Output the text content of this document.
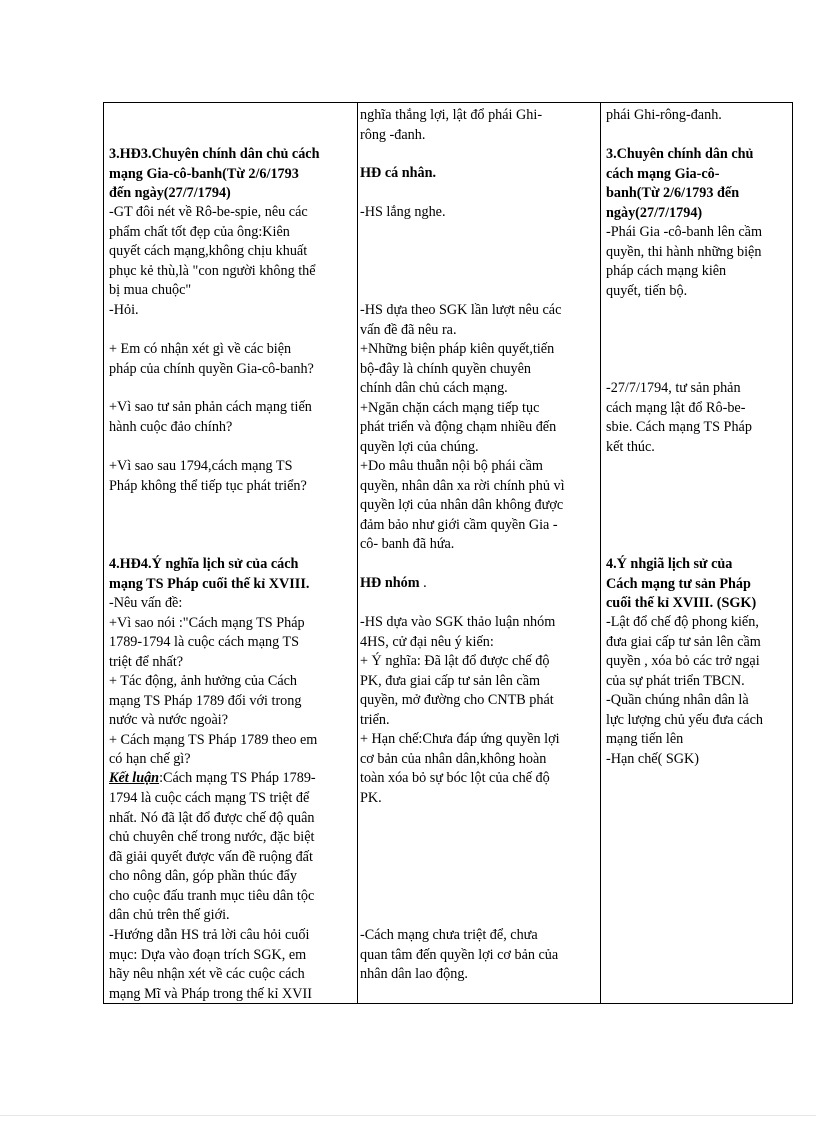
3.HĐ3.Chuyên chính dân chủ cách
mạng Gia-cô-banh(Từ 2/6/1793
đến ngày(27/7/1794)
-GT đôi nét về Rô-be-spie, nêu các
phẩm chất tốt đẹp của ông:Kiên
quyết cách mạng,không chịu khuất
phục kẻ thù,là "con người không thể
bị mua chuộc"
+ Em có nhận xét gì về các biện
pháp của chính quyền Gia-cô-banh?
+Vì sao tư sản phản cách mạng tiến
hành cuộc đảo chính?
+Vì sao sau 1794,cách mạng TS
Pháp không thể tiếp tục phát triển?
4.HĐ4.Ý nghĩa lịch sử của cách
mạng TS Pháp cuối thế kỉ XVIII.
-Nêu vấn đề:
+Vì sao nói :"Cách mạng TS Pháp
1789-1794 là cuộc cách mạng TS
triệt để nhất?
+ Tác động, ảnh hưởng của Cách
mạng TS Pháp 1789 đối với trong
nước và nước ngoài?
+ Cách mạng TS Pháp 1789 theo em
có hạn chế gì?
1794 là cuộc cách mạng TS triệt để
nhất. Nó đã lật đổ được chế độ quân
chủ chuyên chế trong nước, đặc biệt
đã giải quyết được vấn đề ruộng đất
cho nông dân, góp phần thúc đẩy
cho cuộc đấu tranh mục tiêu dân tộc
dân chủ trên thế giới.
-Hướng dẫn HS trả lời câu hỏi cuối
mục: Dựa vào đoạn trích SGK, em
hãy nêu nhận xét về các cuộc cách
mạng Mĩ và Pháp trong thế kỉ XVII
nghĩa thắng lợi, lật đổ phái Ghi-
rông -đanh.
-HS dựa theo SGK lần lượt nêu các
vấn đề đã nêu ra.
+Những biện pháp kiên quyết,tiến
bộ-đây là chính quyền chuyên
chính dân chủ cách mạng.
+Ngăn chặn cách mạng tiếp tục
phát triển và động chạm nhiều đến
quyền lợi của chúng.
+Do mâu thuẫn nội bộ phái cầm
quyền, nhân dân xa rời chính phủ vì
quyền lợi của nhân dân không được
đảm bảo như giới cầm quyền Gia -
cô- banh đã hứa.
-HS dựa vào SGK thảo luận nhóm
4HS, cử đại nêu ý kiến:
+ Ý nghĩa: Đã lật đổ được chế độ
PK, đưa giai cấp tư sản lên cầm
quyền, mở đường cho CNTB phát
triển.
+ Hạn chế:Chưa đáp ứng quyền lợi
cơ bản của nhân dân,không hoàn
toàn xóa bỏ sự bóc lột của chế độ
PK.
-Cách mạng chưa triệt để, chưa
quan tâm đến quyền lợi cơ bản của
nhân dân lao động.
3.Chuyên chính dân chủ
cách mạng Gia-cô-
banh(Từ 2/6/1793 đến
ngày(27/7/1794)
-Phái Gia -cô-banh lên cầm
quyền, thi hành những biện
pháp cách mạng kiên
quyết, tiến bộ.
-27/7/1794, tư sản phản
cách mạng lật đổ Rô-be-
sbie. Cách mạng TS Pháp
kết thúc.
4.Ý nhgiã lịch sử của
Cách mạng tư sản Pháp
cuối thế kỉ XVIII. (SGK)
-Lật đổ chế độ phong kiến,
đưa giai cấp tư sản lên cầm
quyền , xóa bỏ các trở ngại
của sự phát triển TBCN.
-Quần chúng nhân dân là
lực lượng chủ yếu đưa cách
mạng tiến lên
-Hạn chế( SGK)
-Hỏi.
HĐ cá nhân.
-HS lắng nghe.
phái Ghi-rông-đanh.
HĐ nhóm .
Kết luận:Cách mạng TS Pháp 1789-
